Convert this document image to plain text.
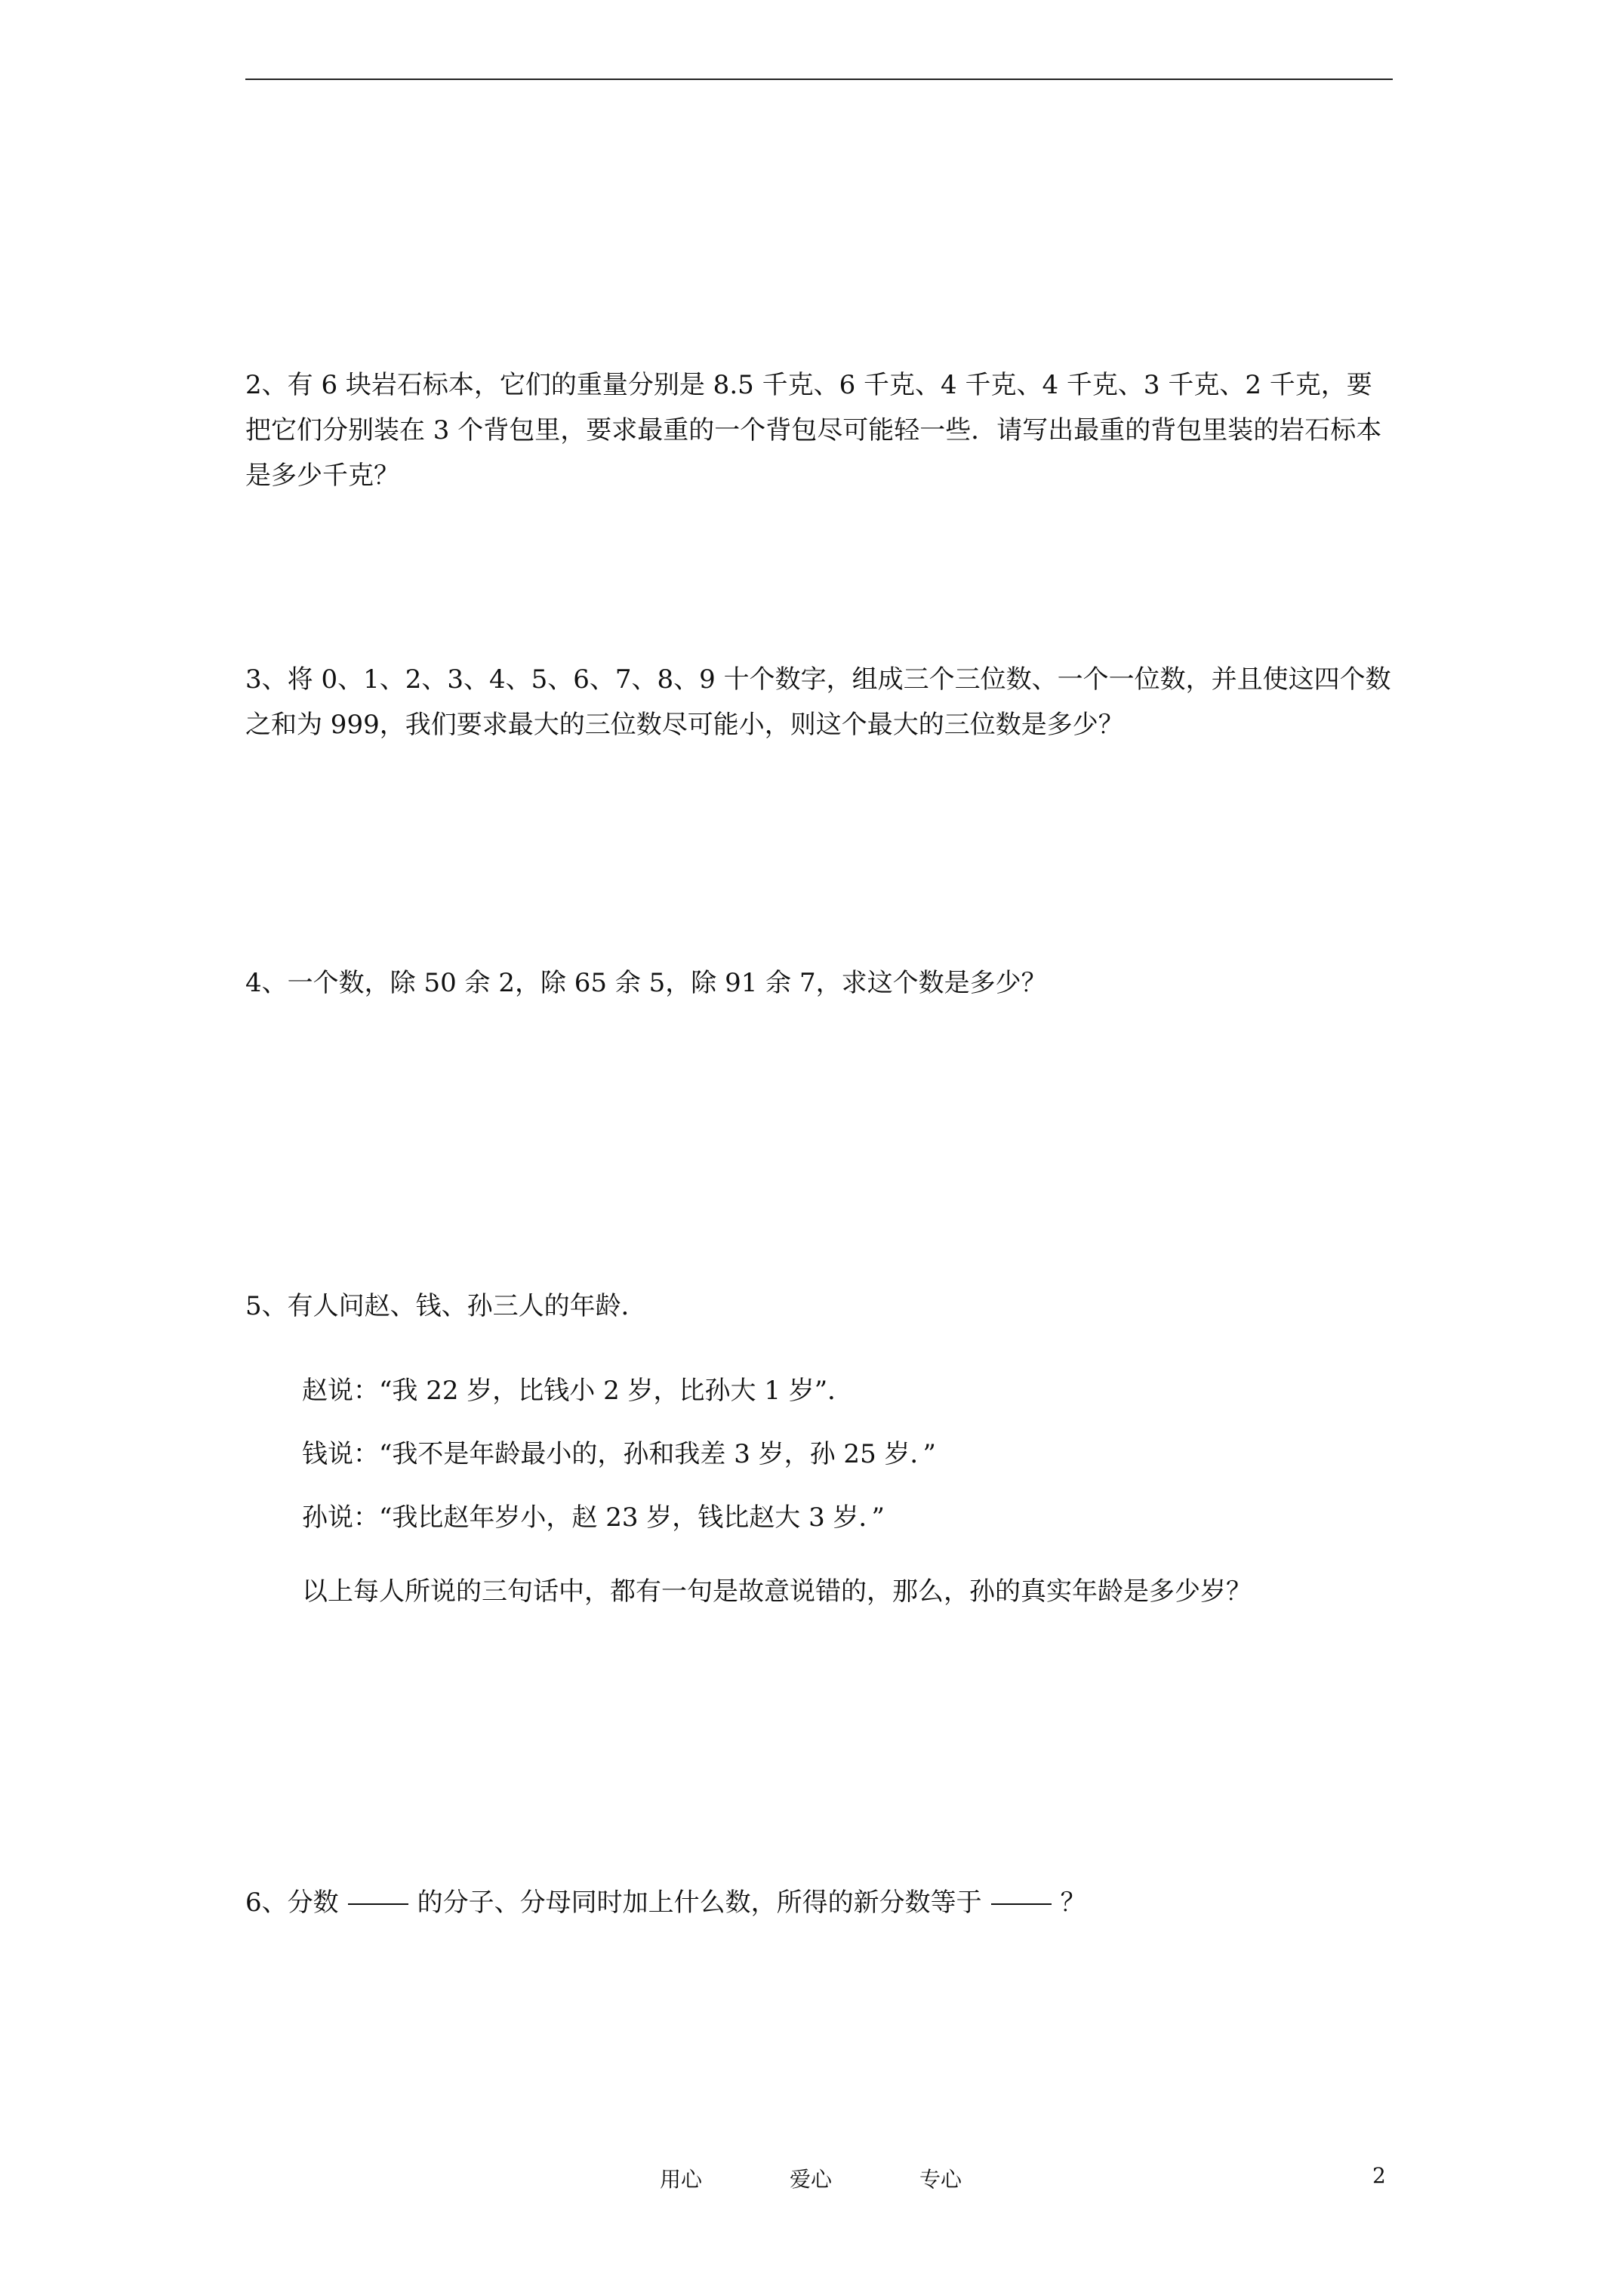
2、有 6 块岩石标本，它们的重量分别是 8.5 千克、6 千克、4 千克、4 千克、3 千克、2 千克，要把它们分别装在 3 个背包里，要求最重的一个背包尽可能轻一些．请写出最重的背包里装的岩石标本是多少千克？

3、将 0、1、2、3、4、5、6、7、8、9 十个数字，组成三个三位数、一个一位数，并且使这四个数之和为 999，我们要求最大的三位数尽可能小，则这个最大的三位数是多少？

4、一个数，除 50 余 2，除 65 余 5，除 91 余 7，求这个数是多少？

5、有人问赵、钱、孙三人的年龄．

赵说：“我 22 岁，比钱小 2 岁，比孙大 1 岁”．

钱说：“我不是年龄最小的，孙和我差 3 岁，孙 25 岁．”

孙说：“我比赵年岁小，赵 23 岁，钱比赵大 3 岁．”

以上每人所说的三句话中，都有一句是故意说错的，那么，孙的真实年龄是多少岁？

6、分数	的分子、分母同时加上什么数，所得的新分数等于	？

用心	爱心	专心	2
